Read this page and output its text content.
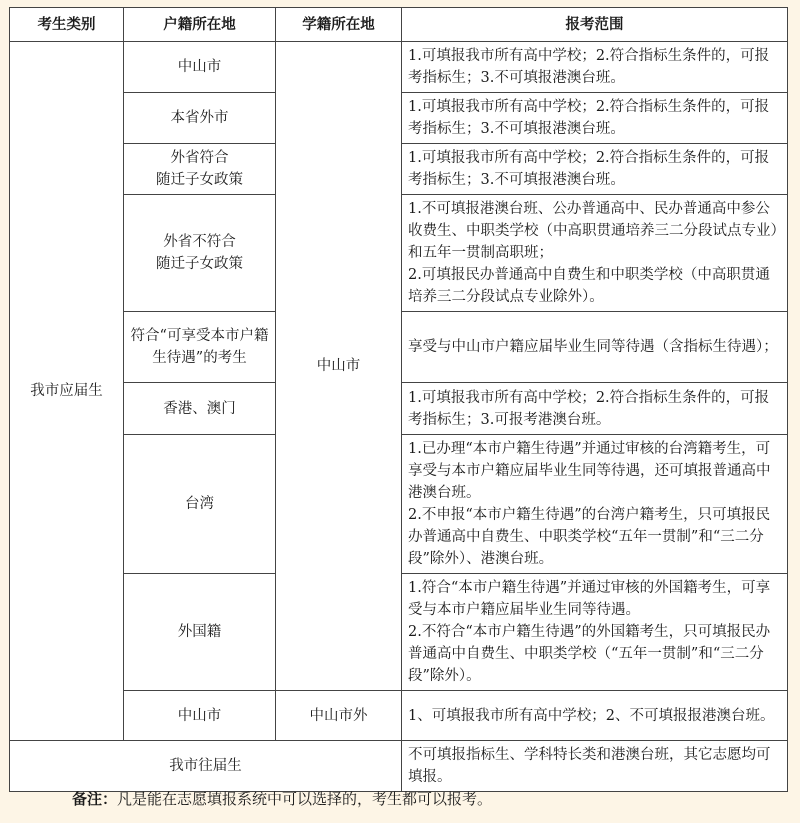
考生类别	户籍所在地	学籍所在地	报考范围
我市应届生	中山市	中山市	1.可填报我市所有高中学校；2.符合指标生条件的，可报考指标生；3.不可填报港澳台班。
	本省外市		1.可填报我市所有高中学校；2.符合指标生条件的，可报考指标生；3.不可填报港澳台班。
	外省符合
随迁子女政策		1.可填报我市所有高中学校；2.符合指标生条件的，可报考指标生；3.不可填报港澳台班。
	外省不符合
随迁子女政策		1.不可填报港澳台班、公办普通高中、民办普通高中参公收费生、中职类学校（中高职贯通培养三二分段试点专业）和五年一贯制高职班；
2.可填报民办普通高中自费生和中职类学校（中高职贯通培养三二分段试点专业除外）。
	符合“可享受本市户籍生待遇”的考生		享受与中山市户籍应届毕业生同等待遇（含指标生待遇）；
	香港、澳门		1.可填报我市所有高中学校；2.符合指标生条件的，可报考指标生；3.可报考港澳台班。
	台湾		1.已办理“本市户籍生待遇”并通过审核的台湾籍考生，可享受与本市户籍应届毕业生同等待遇，还可填报普通高中港澳台班。
2.不申报“本市户籍生待遇”的台湾户籍考生，只可填报民办普通高中自费生、中职类学校“五年一贯制”和“三二分段”除外）、港澳台班。
	外国籍		1.符合“本市户籍生待遇”并通过审核的外国籍考生，可享受与本市户籍应届毕业生同等待遇。
2.不符合“本市户籍生待遇”的外国籍考生，只可填报民办普通高中自费生、中职类学校（“五年一贯制”和“三二分段”除外）。
	中山市	中山市外	1、可填报我市所有高中学校；2、不可填报报港澳台班。
我市往届生			不可填报指标生、学科特长类和港澳台班，其它志愿均可填报。
备注：凡是能在志愿填报系统中可以选择的，考生都可以报考。
